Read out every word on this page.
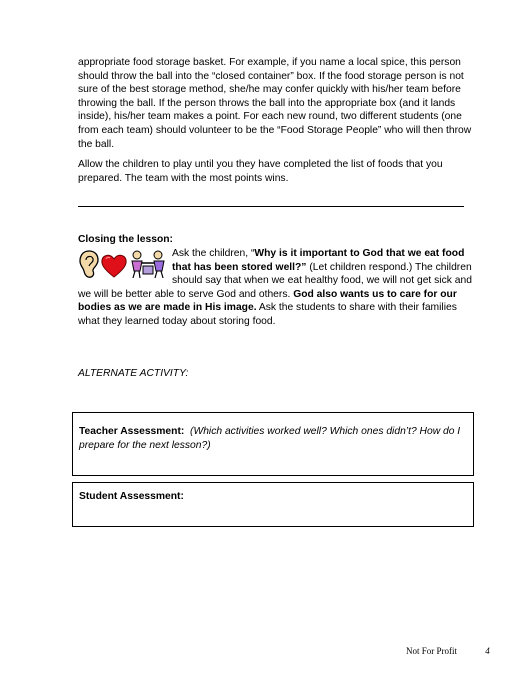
appropriate food storage basket. For example, if you name a local spice, this person should throw the ball into the “closed container” box. If the food storage person is not sure of the best storage method, she/he may confer quickly with his/her team before throwing the ball. If the person throws the ball into the appropriate box (and it lands inside), his/her team makes a point. For each new round, two different students (one from each team) should volunteer to be the “Food Storage People” who will then throw the ball.

Allow the children to play until you they have completed the list of foods that you prepared. The team with the most points wins.

Closing the lesson:

Ask the children, “Why is it important to God that we eat food that has been stored well?” (Let children respond.) The children should say that when we eat healthy food, we will not get sick and we will be better able to serve God and others. God also wants us to care for our bodies as we are made in His image. Ask the students to share with their families what they learned today about storing food.

ALTERNATE ACTIVITY:

Teacher Assessment: (Which activities worked well? Which ones didn’t? How do I prepare for the next lesson?)
Student Assessment:
Not For Profit	4
